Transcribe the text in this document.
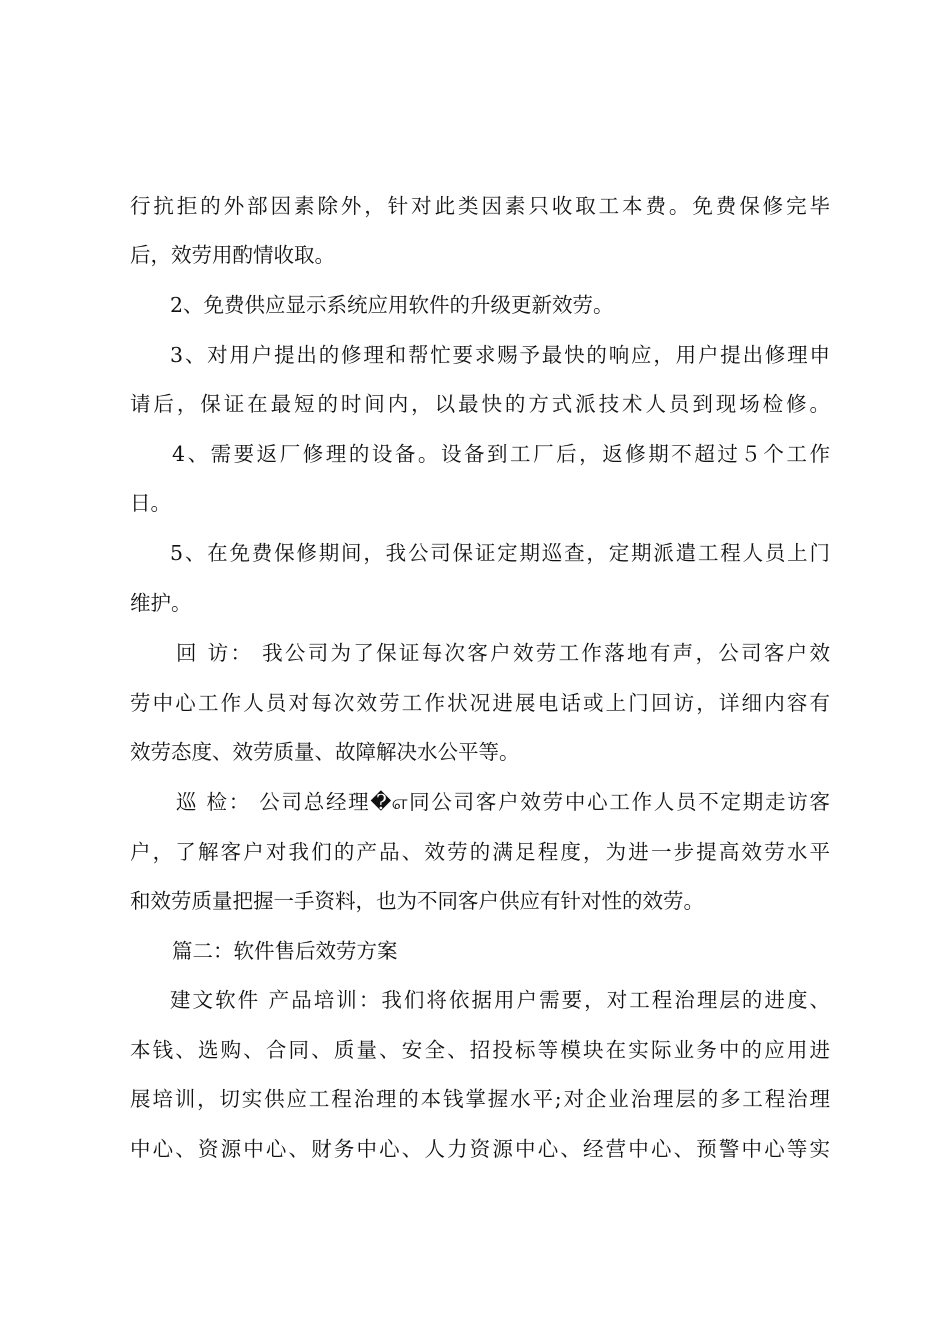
行抗拒的外部因素除外，针对此类因素只收取工本费。免费保修完毕
后，效劳用酌情收取。
2、免费供应显示系统应用软件的升级更新效劳。
3、对用户提出的修理和帮忙要求赐予最快的响应，用户提出修理申
请后，保证在最短的时间内，以最快的方式派技术人员到现场检修。
4、需要返厂修理的设备。设备到工厂后，返修期不超过５个工作
日。
5、在免费保修期间，我公司保证定期巡查，定期派遣工程人员上门
维护。
回 访： 我公司为了保证每次客户效劳工作落地有声，公司客户效
劳中心工作人员对每次效劳工作状况进展电话或上门回访，详细内容有
效劳态度、效劳质量、故障解决水公平等。
巡 检： 公司总经理�எ同公司客户效劳中心工作人员不定期走访客
户，了解客户对我们的产品、效劳的满足程度，为进一步提高效劳水平
和效劳质量把握一手资料，也为不同客户供应有针对性的效劳。
篇二：软件售后效劳方案
建文软件 产品培训：我们将依据用户需要，对工程治理层的进度、
本钱、选购、合同、质量、安全、招投标等模块在实际业务中的应用进
展培训，切实供应工程治理的本钱掌握水平;对企业治理层的多工程治理
中心、资源中心、财务中心、人力资源中心、经营中心、预警中心等实
